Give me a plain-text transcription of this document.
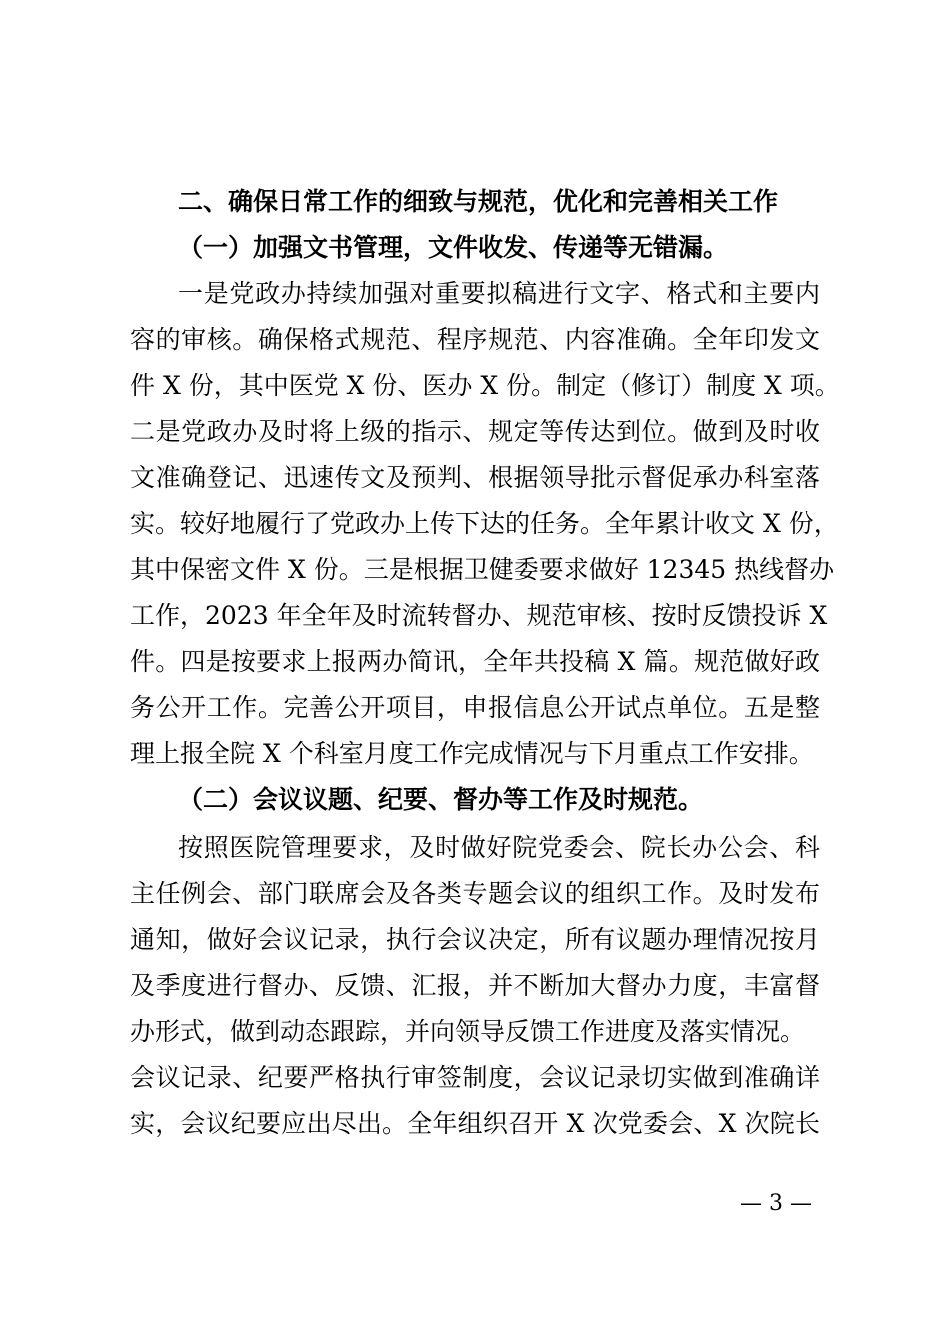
二、确保日常工作的细致与规范，优化和完善相关工作
（一）加强文书管理，文件收发、传递等无错漏。
一是党政办持续加强对重要拟稿进行文字、格式和主要内
容的审核。确保格式规范、程序规范、内容准确。全年印发文
件 X 份，其中医党 X 份、医办 X 份。制定（修订）制度 X 项。
二是党政办及时将上级的指示、规定等传达到位。做到及时收
文准确登记、迅速传文及预判、根据领导批示督促承办科室落
实。较好地履行了党政办上传下达的任务。全年累计收文 X 份，
其中保密文件 X 份。三是根据卫健委要求做好 12345 热线督办
工作，2023 年全年及时流转督办、规范审核、按时反馈投诉 X
件。四是按要求上报两办简讯，全年共投稿 X 篇。规范做好政
务公开工作。完善公开项目，申报信息公开试点单位。五是整
理上报全院 X 个科室月度工作完成情况与下月重点工作安排。
（二）会议议题、纪要、督办等工作及时规范。
按照医院管理要求，及时做好院党委会、院长办公会、科
主任例会、部门联席会及各类专题会议的组织工作。及时发布
通知，做好会议记录，执行会议决定，所有议题办理情况按月
及季度进行督办、反馈、汇报，并不断加大督办力度，丰富督
办形式，做到动态跟踪，并向领导反馈工作进度及落实情况。
会议记录、纪要严格执行审签制度，会议记录切实做到准确详
实，会议纪要应出尽出。全年组织召开 X 次党委会、X 次院长
— 3 —
